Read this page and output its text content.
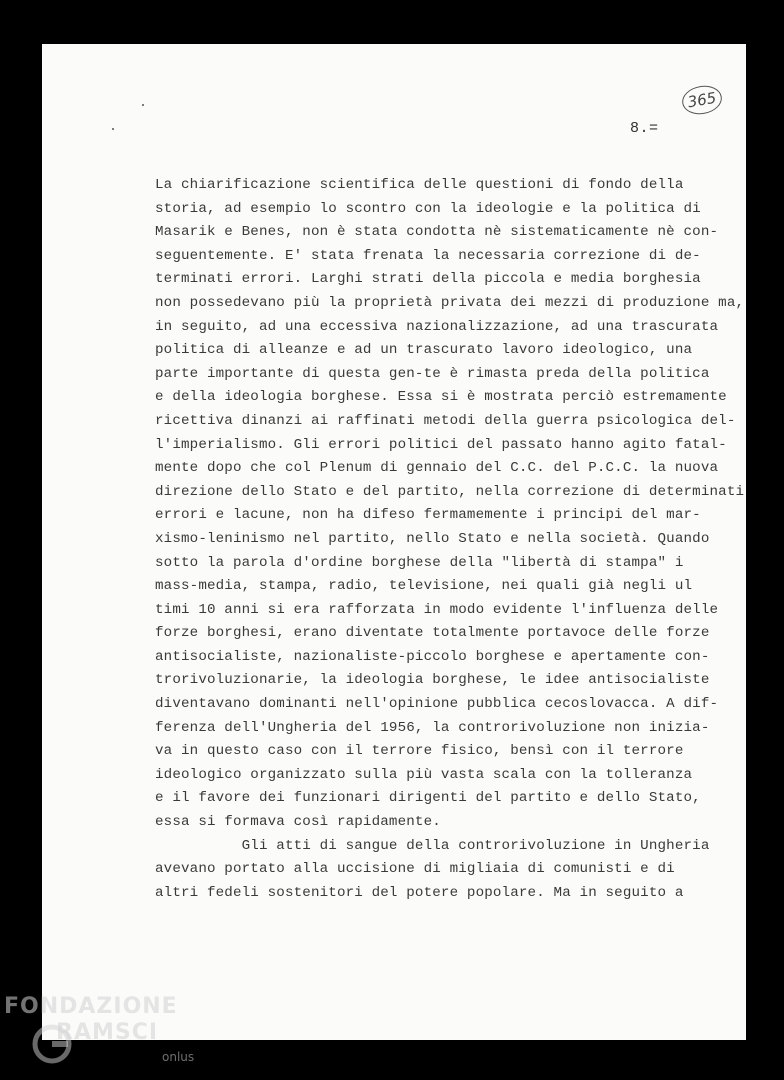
365
8.=
La chiarificazione scientifica delle questioni di fondo della
storia, ad esempio lo scontro con la ideologie e la politica di
Masarik e Benes, non è stata condotta nè sistematicamente nè con-
seguentemente. E' stata frenata la necessaria correzione di de-
terminati errori. Larghi strati della piccola e media borghesia
non possedevano più la proprietà privata dei mezzi di produzione ma,
in seguito, ad una eccessiva nazionalizzazione, ad una trascurata
politica di alleanze e ad un trascurato lavoro ideologico, una
parte importante di questa gen-te è rimasta preda della politica
e della ideologia borghese. Essa si è mostrata perciò estremamente
ricettiva dinanzi ai raffinati metodi della guerra psicologica del-
l'imperialismo. Gli errori politici del passato hanno agito fatal-
mente dopo che col Plenum di gennaio del C.C. del P.C.C. la nuova
direzione dello Stato e del partito, nella correzione di determinati
errori e lacune, non ha difeso fermamemente i principi del mar-
xismo-leninismo nel partito, nello Stato e nella società. Quando
sotto la parola d'ordine borghese della "libertà di stampa" i
mass-media, stampa, radio, televisione, nei quali già negli ul
timi 10 anni si era rafforzata in modo evidente l'influenza delle
forze borghesi, erano diventate totalmente portavoce delle forze
antisocialiste, nazionaliste-piccolo borghese e apertamente con-
trorivoluzionarie, la ideologia borghese, le idee antisocialiste
diventavano dominanti nell'opinione pubblica cecoslovacca. A dif-
ferenza dell'Ungheria del 1956, la controrivoluzione non inizia-
va in questo caso con il terrore fisico, bensì con il terrore
ideologico organizzato sulla più vasta scala con la tolleranza
e il favore dei funzionari dirigenti del partito e dello Stato,
essa si formava così rapidamente.
Gli atti di sangue della controrivoluzione in Ungheria
avevano portato alla uccisione di migliaia di comunisti e di
altri fedeli sostenitori del potere popolare. Ma in seguito a
FONDAZIONE
RAMSCI
onlus
